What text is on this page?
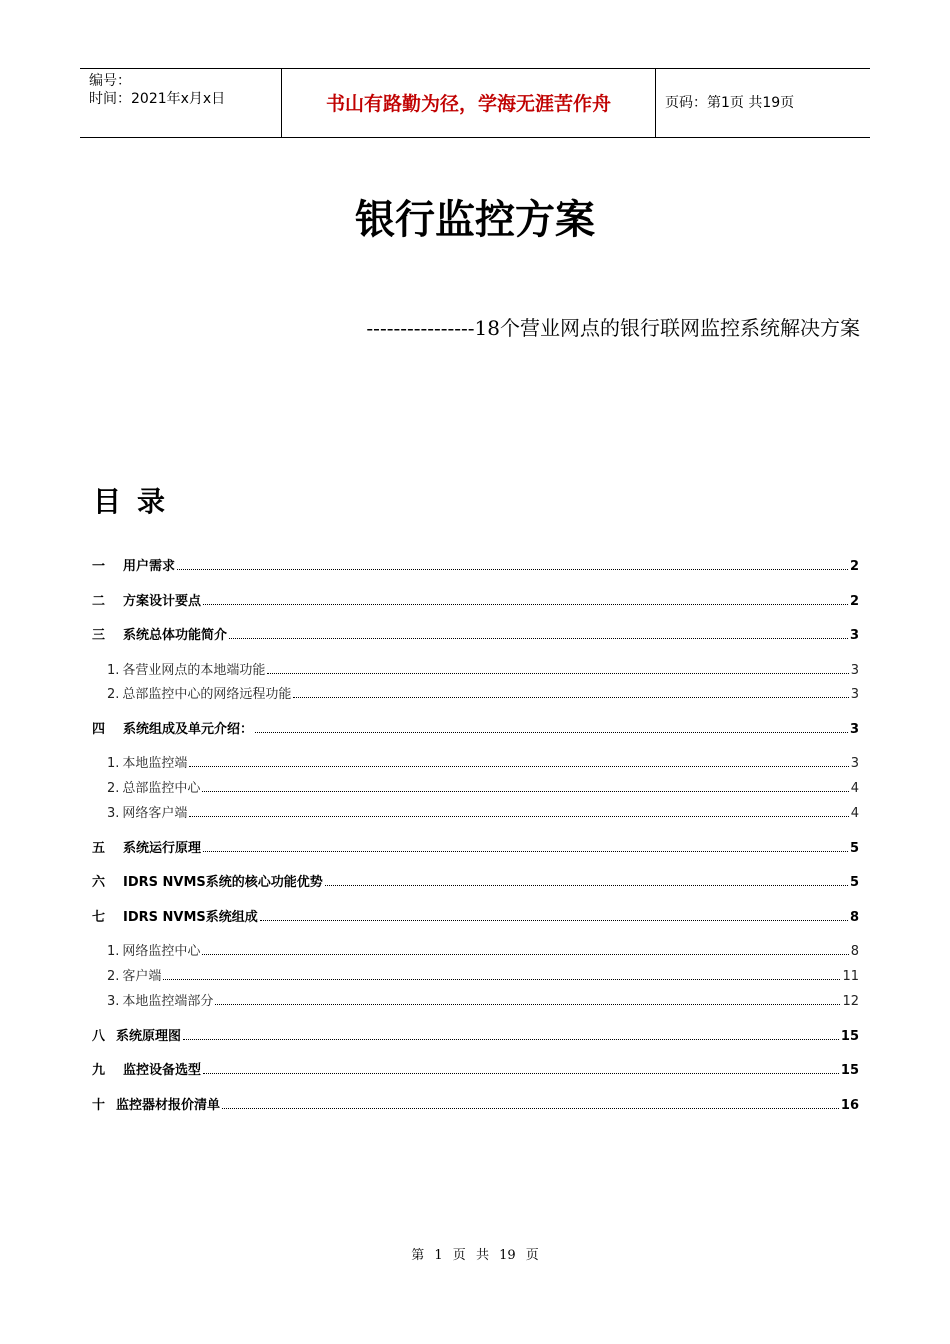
编号：
时间：2021年x月x日	书山有路勤为径，学海无涯苦作舟	页码：第1页 共19页
银行监控方案
----------------18个营业网点的银行联网监控系统解决方案
目录
一	用户需求	2
二	方案设计要点	2
三	系统总体功能简介	3
1. 各营业网点的本地端功能	3
2. 总部监控中心的网络远程功能	3
四	系统组成及单元介绍：	3
1. 本地监控端	3
2. 总部监控中心	4
3. 网络客户端	4
五	系统运行原理	5
六	IDRS NVMS系统的核心功能优势	5
七	IDRS NVMS系统组成	8
1. 网络监控中心	8
2. 客户端	11
3. 本地监控端部分	12
八 系统原理图	15
九	监控设备选型	15
十 监控器材报价清单	16
第 1 页 共 19 页
